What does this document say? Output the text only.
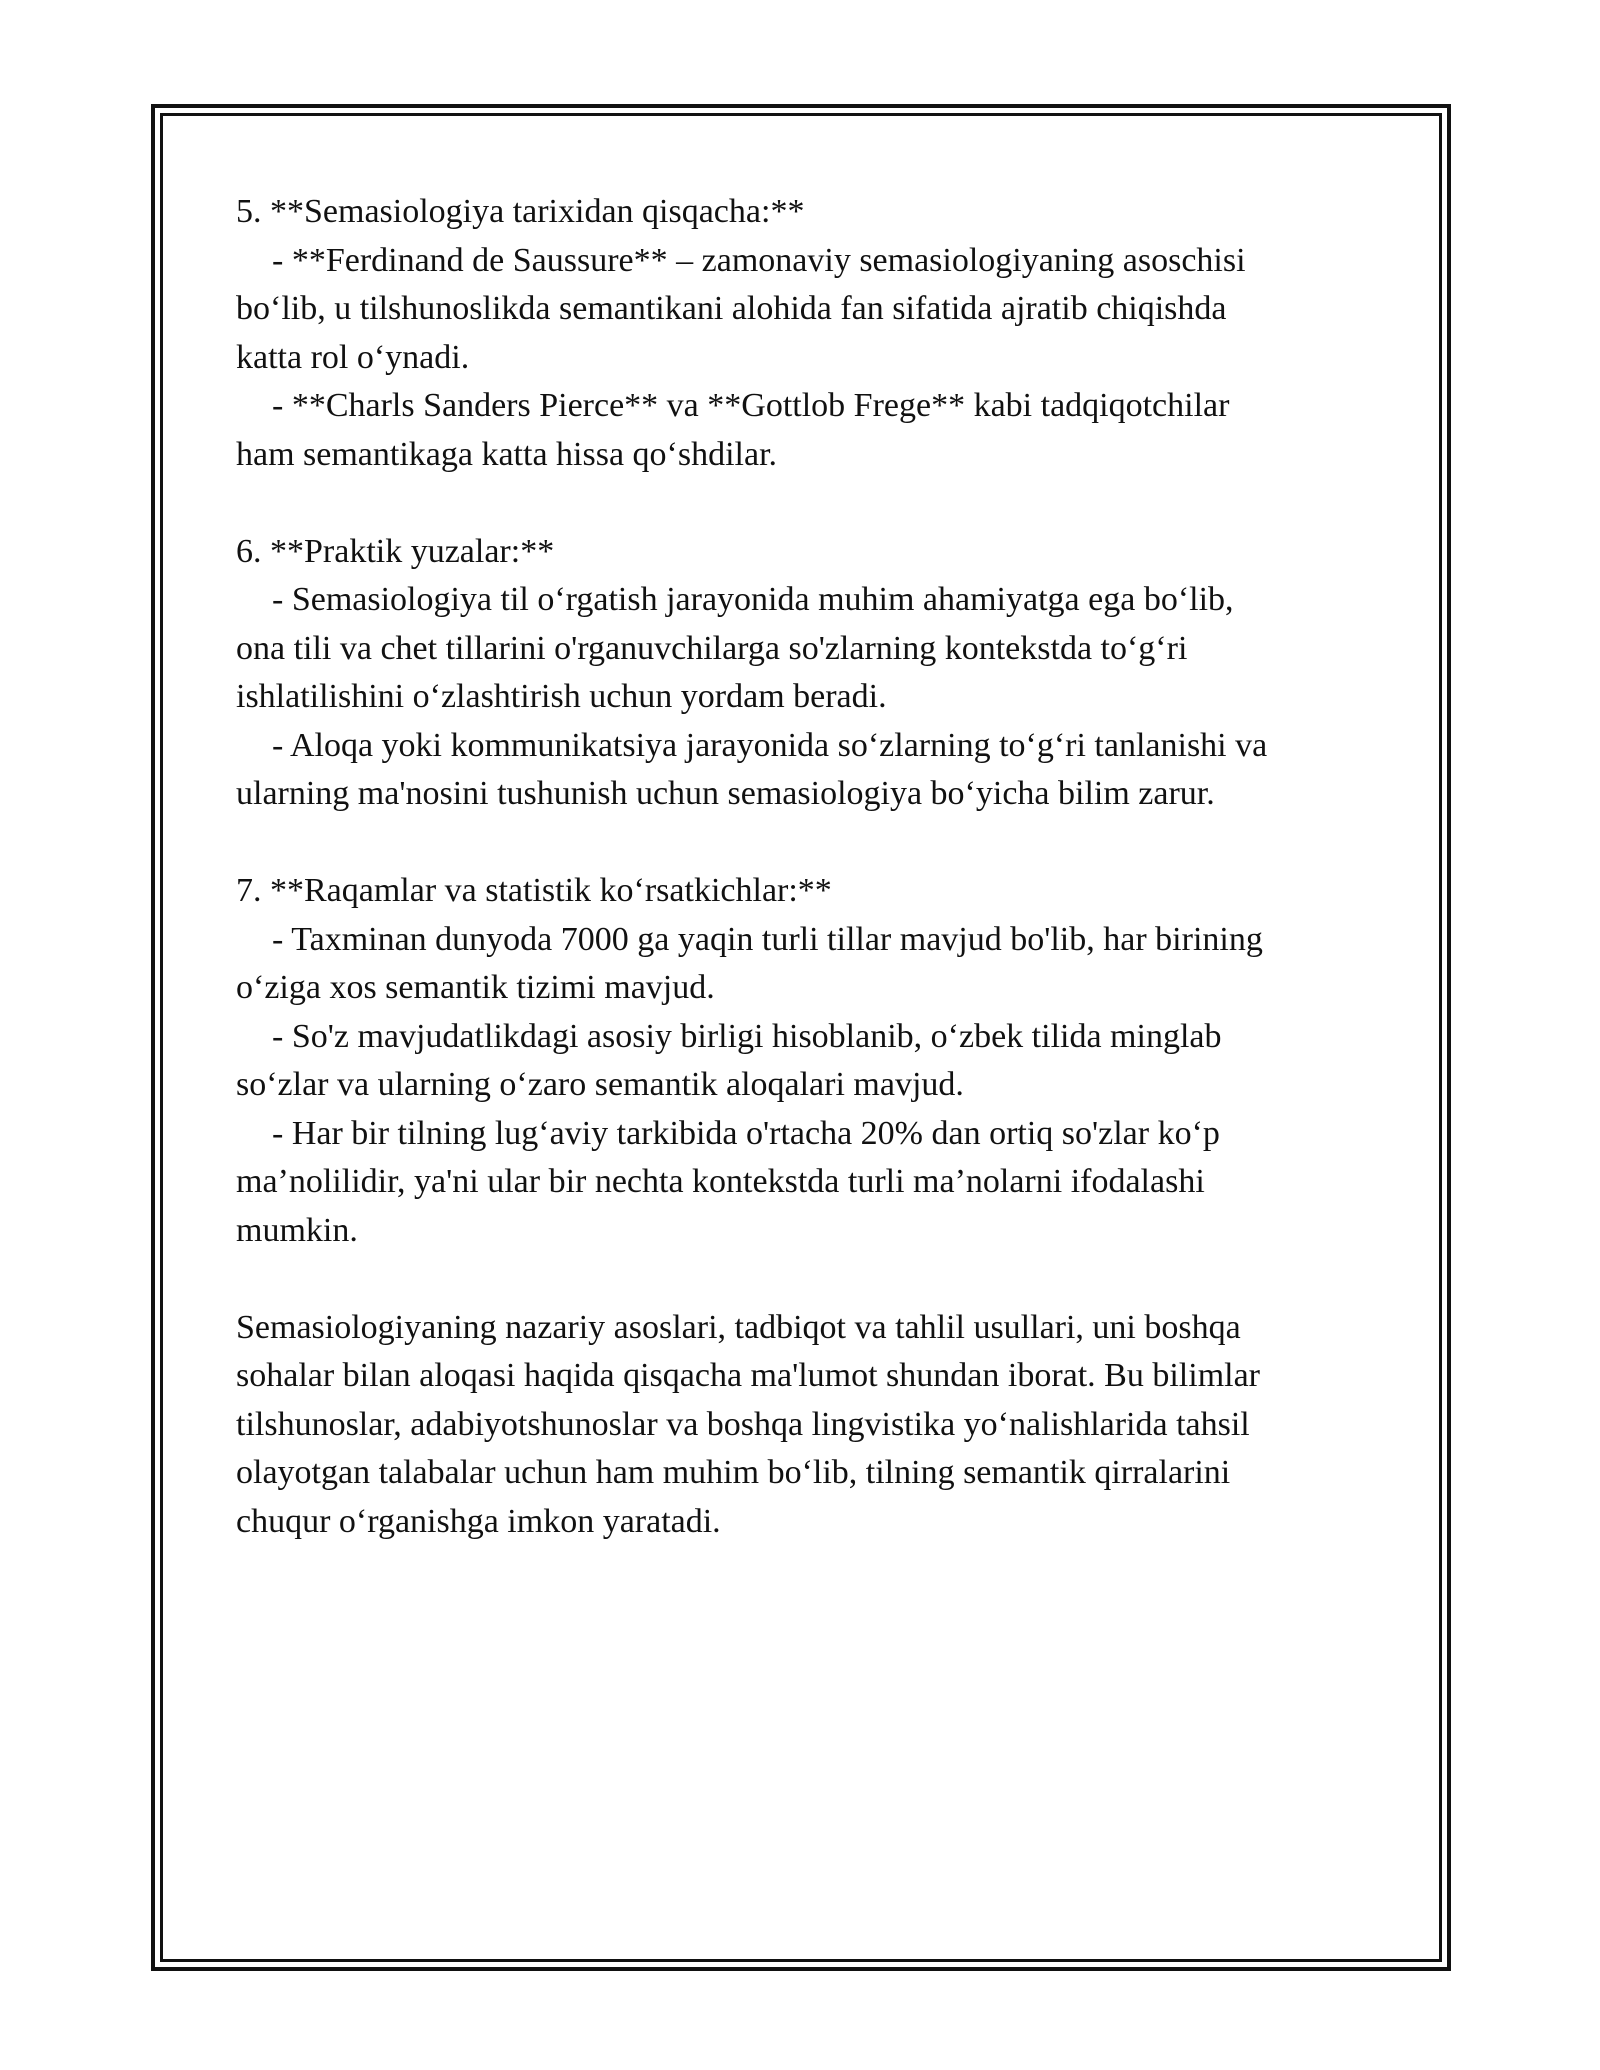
5. **Semasiologiya tarixidan qisqacha:**
- **Ferdinand de Saussure** – zamonaviy semasiologiyaning asoschisi
bo‘lib, u tilshunoslikda semantikani alohida fan sifatida ajratib chiqishda
katta rol o‘ynadi.
- **Charls Sanders Pierce** va **Gottlob Frege** kabi tadqiqotchilar
ham semantikaga katta hissa qo‘shdilar.
6. **Praktik yuzalar:**
- Semasiologiya til o‘rgatish jarayonida muhim ahamiyatga ega bo‘lib,
ona tili va chet tillarini o'rganuvchilarga so'zlarning kontekstda to‘g‘ri
ishlatilishini o‘zlashtirish uchun yordam beradi.
- Aloqa yoki kommunikatsiya jarayonida so‘zlarning to‘g‘ri tanlanishi va
ularning ma'nosini tushunish uchun semasiologiya bo‘yicha bilim zarur.
7. **Raqamlar va statistik ko‘rsatkichlar:**
- Taxminan dunyoda 7000 ga yaqin turli tillar mavjud bo'lib, har birining
o‘ziga xos semantik tizimi mavjud.
- So'z mavjudatlikdagi asosiy birligi hisoblanib, o‘zbek tilida minglab
so‘zlar va ularning o‘zaro semantik aloqalari mavjud.
- Har bir tilning lug‘aviy tarkibida o'rtacha 20% dan ortiq so'zlar ko‘p
ma’nolilidir, ya'ni ular bir nechta kontekstda turli ma’nolarni ifodalashi
mumkin.
Semasiologiyaning nazariy asoslari, tadbiqot va tahlil usullari, uni boshqa
sohalar bilan aloqasi haqida qisqacha ma'lumot shundan iborat. Bu bilimlar
tilshunoslar, adabiyotshunoslar va boshqa lingvistika yo‘nalishlarida tahsil
olayotgan talabalar uchun ham muhim bo‘lib, tilning semantik qirralarini
chuqur o‘rganishga imkon yaratadi.
